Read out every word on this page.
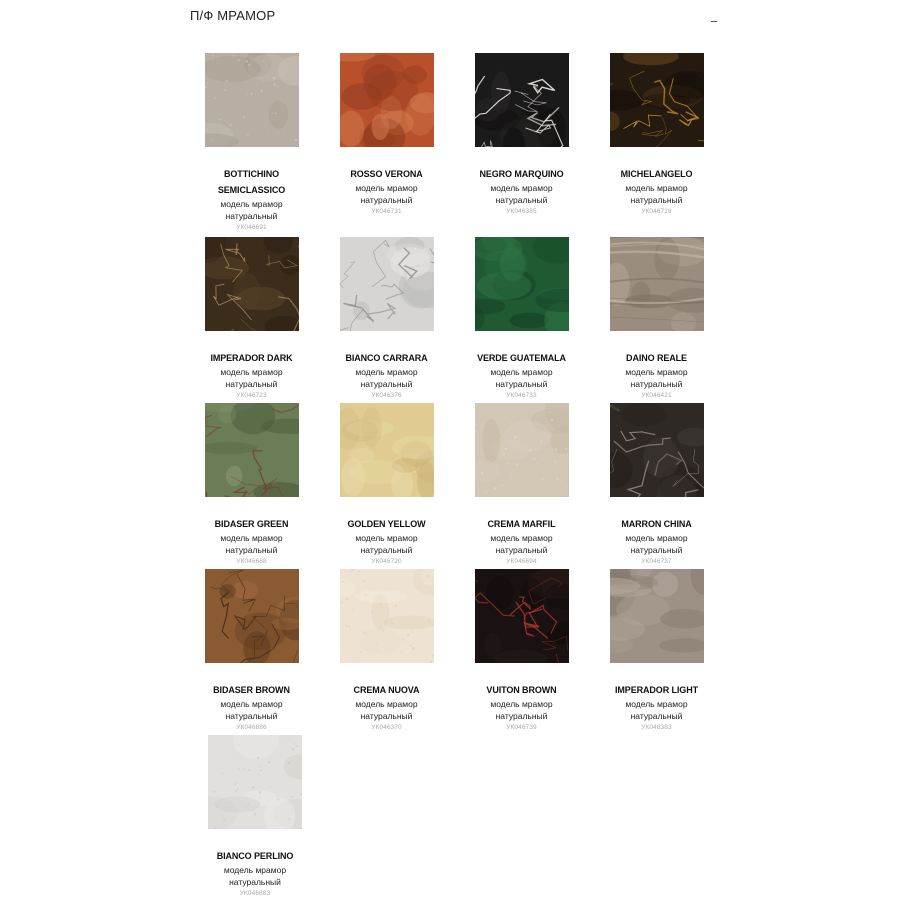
П/Ф МРАМОР
BOTTICHINO SEMICLASSICO
модель мрамор натуральный
УК046691
ROSSO VERONA
модель мрамор натуральный
УК046731
NEGRO MARQUINO
модель мрамор натуральный
УК046385
MICHELANGELO
модель мрамор натуральный
УК046728
IMPERADOR DARK
модель мрамор натуральный
УК046723
BIANCO CARRARA
модель мрамор натуральный
УК046376
VERDE GUATEMALA
модель мрамор натуральный
УК046733
DAINO REALE
модель мрамор натуральный
УК046421
BIDASER GREEN
модель мрамор натуральный
УК046688
GOLDEN YELLOW
модель мрамор натуральный
УК046720
CREMA MARFIL
модель мрамор натуральный
УК046694
MARRON CHINA
модель мрамор натуральный
УК046737
BIDASER BROWN
модель мрамор натуральный
УК046686
CREMA NUOVA
модель мрамор натуральный
УК046370
VUITON BROWN
модель мрамор натуральный
УК046739
IMPERADOR LIGHT
модель мрамор натуральный
УК046383
BIANCO PERLINO
модель мрамор натуральный
УК046683
